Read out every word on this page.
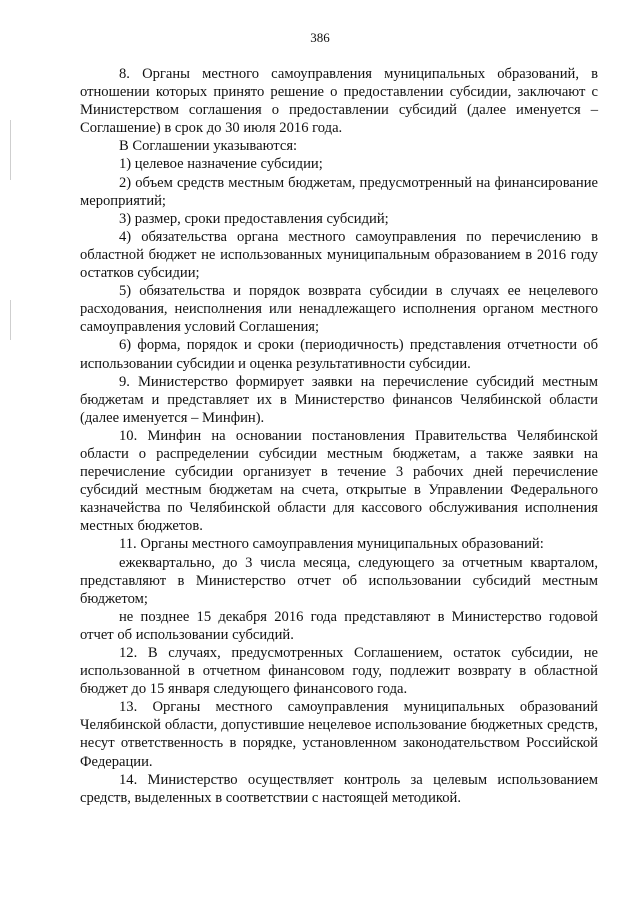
386

8. Органы местного самоуправления муниципальных образований, в отношении которых принято решение о предоставлении субсидии, заключают с Министерством соглашения о предоставлении субсидий (далее именуется – Соглашение) в срок до 30 июля 2016 года.

В Соглашении указываются:

1) целевое назначение субсидии;

2) объем средств местным бюджетам, предусмотренный на финансирование мероприятий;

3) размер, сроки предоставления субсидий;

4) обязательства органа местного самоуправления по перечислению в областной бюджет не использованных муниципальным образованием в 2016 году остатков субсидии;

5) обязательства и порядок возврата субсидии в случаях ее нецелевого расходования, неисполнения или ненадлежащего исполнения органом местного самоуправления условий Соглашения;

6) форма, порядок и сроки (периодичность) представления отчетности об использовании субсидии и оценка результативности субсидии.

9. Министерство формирует заявки на перечисление субсидий местным бюджетам и представляет их в Министерство финансов Челябинской области (далее именуется – Минфин).

10. Минфин на основании постановления Правительства Челябинской области о распределении субсидии местным бюджетам, а также заявки на перечисление субсидии организует в течение 3 рабочих дней перечисление субсидий местным бюджетам на счета, открытые в Управлении Федерального казначейства по Челябинской области для кассового обслуживания исполнения местных бюджетов.

11. Органы местного самоуправления муниципальных образований:

ежеквартально, до 3 числа месяца, следующего за отчетным кварталом, представляют в Министерство отчет об использовании субсидий местным бюджетом;

не позднее 15 декабря 2016 года представляют в Министерство годовой отчет об использовании субсидий.

12. В случаях, предусмотренных Соглашением, остаток субсидии, не использованной в отчетном финансовом году, подлежит возврату в областной бюджет до 15 января следующего финансового года.

13. Органы местного самоуправления муниципальных образований Челябинской области, допустившие нецелевое использование бюджетных средств, несут ответственность в порядке, установленном законодательством Российской Федерации.

14. Министерство осуществляет контроль за целевым использованием средств, выделенных в соответствии с настоящей методикой.
